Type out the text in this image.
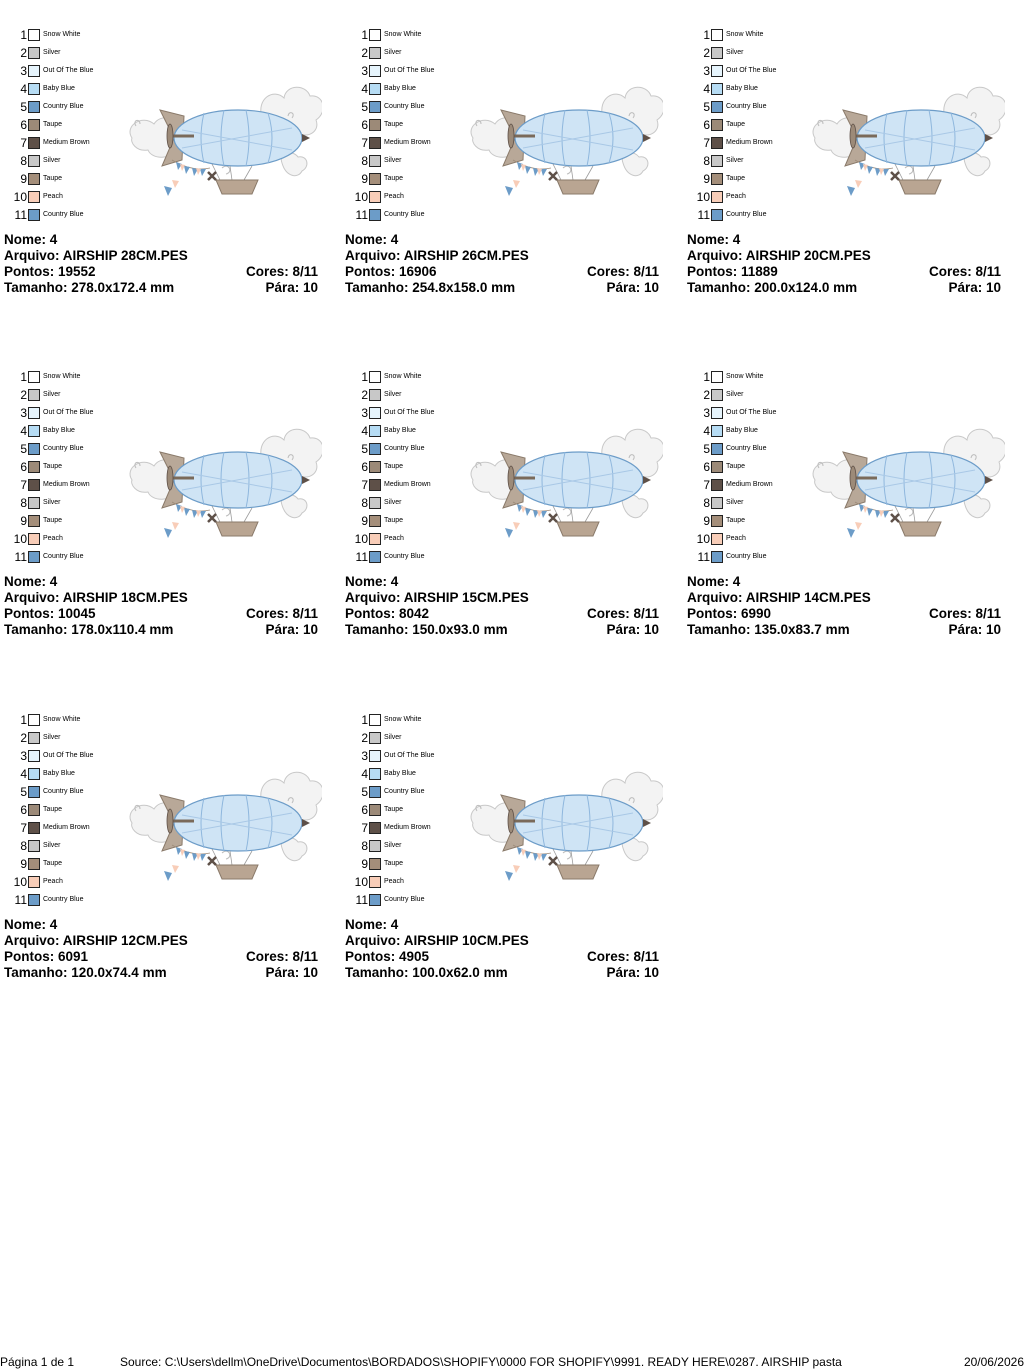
1 Snow White
2 Silver
3 Out Of The Blue
4 Baby Blue
5 Country Blue
6 Taupe
7 Medium Brown
8 Silver
9 Taupe
10 Peach
11 Country Blue
Nome: 4
Arquivo: AIRSHIP 28CM.PES
Pontos: 19552	Cores: 8/11
Tamanho: 278.0x172.4 mm	Pára: 10
1 Snow White
2 Silver
3 Out Of The Blue
4 Baby Blue
5 Country Blue
6 Taupe
7 Medium Brown
8 Silver
9 Taupe
10 Peach
11 Country Blue
Nome: 4
Arquivo: AIRSHIP 26CM.PES
Pontos: 16906	Cores: 8/11
Tamanho: 254.8x158.0 mm	Pára: 10
1 Snow White
2 Silver
3 Out Of The Blue
4 Baby Blue
5 Country Blue
6 Taupe
7 Medium Brown
8 Silver
9 Taupe
10 Peach
11 Country Blue
Nome: 4
Arquivo: AIRSHIP 20CM.PES
Pontos: 11889	Cores: 8/11
Tamanho: 200.0x124.0 mm	Pára: 10
1 Snow White
2 Silver
3 Out Of The Blue
4 Baby Blue
5 Country Blue
6 Taupe
7 Medium Brown
8 Silver
9 Taupe
10 Peach
11 Country Blue
Nome: 4
Arquivo: AIRSHIP 18CM.PES
Pontos: 10045	Cores: 8/11
Tamanho: 178.0x110.4 mm	Pára: 10
1 Snow White
2 Silver
3 Out Of The Blue
4 Baby Blue
5 Country Blue
6 Taupe
7 Medium Brown
8 Silver
9 Taupe
10 Peach
11 Country Blue
Nome: 4
Arquivo: AIRSHIP 15CM.PES
Pontos: 8042	Cores: 8/11
Tamanho: 150.0x93.0 mm	Pára: 10
1 Snow White
2 Silver
3 Out Of The Blue
4 Baby Blue
5 Country Blue
6 Taupe
7 Medium Brown
8 Silver
9 Taupe
10 Peach
11 Country Blue
Nome: 4
Arquivo: AIRSHIP 14CM.PES
Pontos: 6990	Cores: 8/11
Tamanho: 135.0x83.7 mm	Pára: 10
1 Snow White
2 Silver
3 Out Of The Blue
4 Baby Blue
5 Country Blue
6 Taupe
7 Medium Brown
8 Silver
9 Taupe
10 Peach
11 Country Blue
Nome: 4
Arquivo: AIRSHIP 12CM.PES
Pontos: 6091	Cores: 8/11
Tamanho: 120.0x74.4 mm	Pára: 10
1 Snow White
2 Silver
3 Out Of The Blue
4 Baby Blue
5 Country Blue
6 Taupe
7 Medium Brown
8 Silver
9 Taupe
10 Peach
11 Country Blue
Nome: 4
Arquivo: AIRSHIP 10CM.PES
Pontos: 4905	Cores: 8/11
Tamanho: 100.0x62.0 mm	Pára: 10
Página 1 de 1	Source: C:\Users\dellm\OneDrive\Documentos\BORDADOS\SHOPIFY\0000 FOR SHOPIFY\9991. READY HERE\0287. AIRSHIP pasta	20/06/2026
